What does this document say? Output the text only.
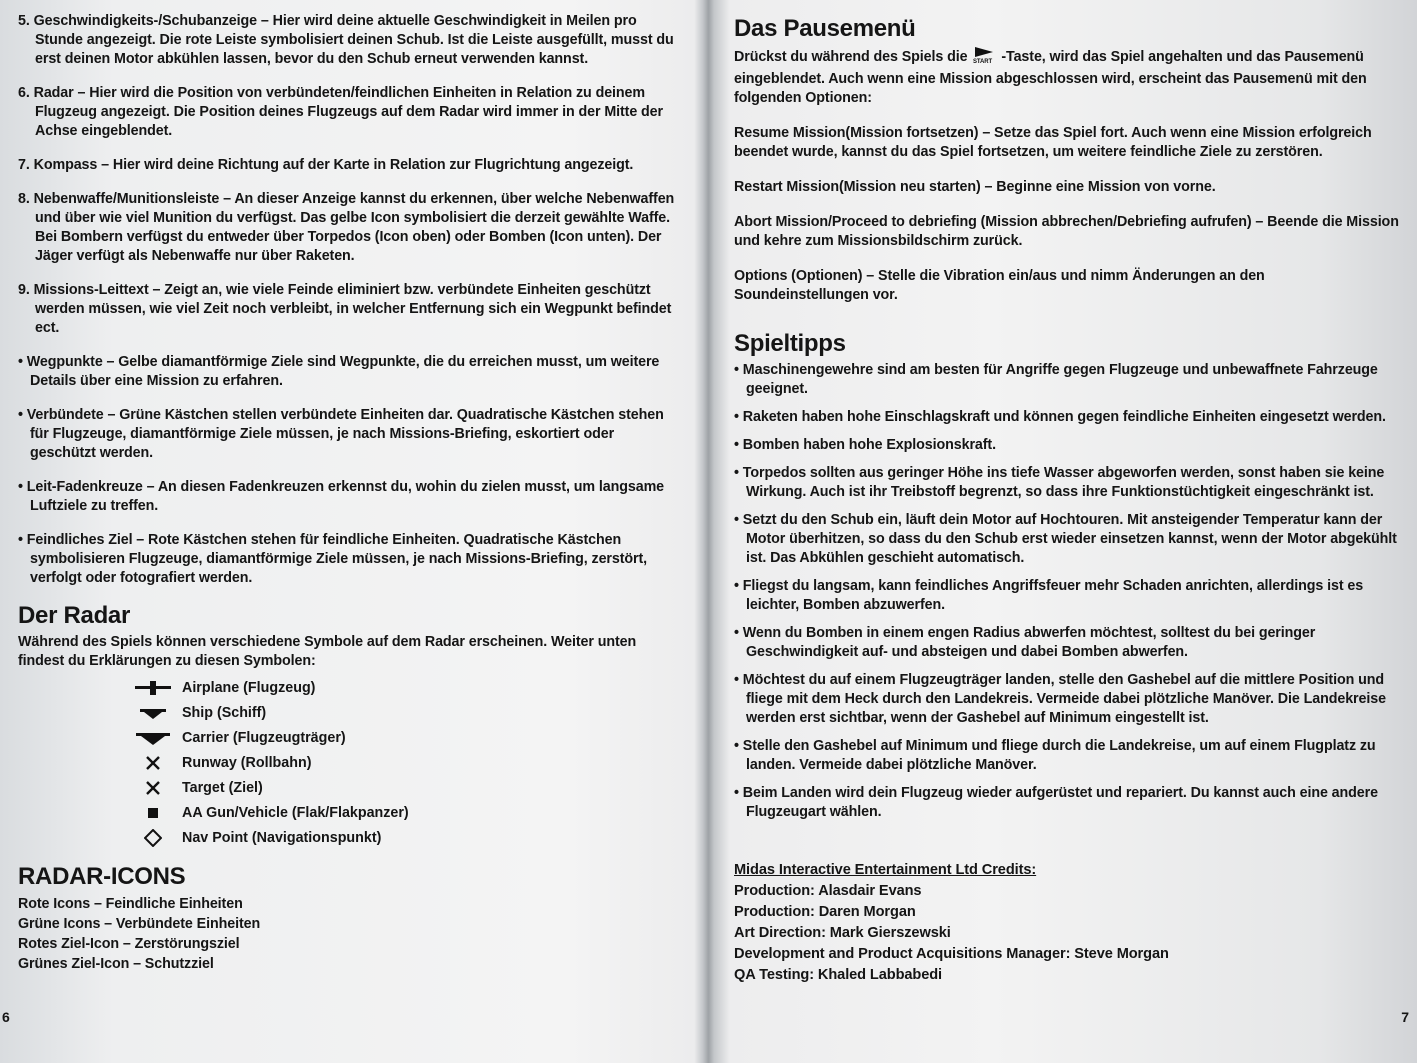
5. Geschwindigkeits-/Schubanzeige – Hier wird deine aktuelle Geschwindigkeit in Meilen pro Stunde angezeigt. Die rote Leiste symbolisiert deinen Schub. Ist die Leiste ausgefüllt, musst du erst deinen Motor abkühlen lassen, bevor du den Schub erneut verwenden kannst.

6. Radar – Hier wird die Position von verbündeten/feindlichen Einheiten in Relation zu deinem Flugzeug angezeigt. Die Position deines Flugzeugs auf dem Radar wird immer in der Mitte der Achse eingeblendet.

7. Kompass – Hier wird deine Richtung auf der Karte in Relation zur Flugrichtung angezeigt.

8. Nebenwaffe/Munitionsleiste – An dieser Anzeige kannst du erkennen, über welche Nebenwaffen und über wie viel Munition du verfügst. Das gelbe Icon symbolisiert die derzeit gewählte Waffe. Bei Bombern verfügst du entweder über Torpedos (Icon oben) oder Bomben (Icon unten). Der Jäger verfügt als Nebenwaffe nur über Raketen.

9. Missions-Leittext – Zeigt an, wie viele Feinde eliminiert bzw. verbündete Einheiten geschützt werden müssen, wie viel Zeit noch verbleibt, in welcher Entfernung sich ein Wegpunkt befindet ect.

• Wegpunkte – Gelbe diamantförmige Ziele sind Wegpunkte, die du erreichen musst, um weitere Details über eine Mission zu erfahren.

• Verbündete – Grüne Kästchen stellen verbündete Einheiten dar. Quadratische Kästchen stehen für Flugzeuge, diamantförmige Ziele müssen, je nach Missions-Briefing, eskortiert oder geschützt werden.

• Leit-Fadenkreuze – An diesen Fadenkreuzen erkennst du, wohin du zielen musst, um langsame Luftziele zu treffen.

• Feindliches Ziel – Rote Kästchen stehen für feindliche Einheiten. Quadratische Kästchen symbolisieren Flugzeuge, diamantförmige Ziele müssen, je nach Missions-Briefing, zerstört, verfolgt oder fotografiert werden.

Der Radar

Während des Spiels können verschiedene Symbole auf dem Radar erscheinen. Weiter unten findest du Erklärungen zu diesen Symbolen:

Airplane (Flugzeug)
Ship (Schiff)
Carrier (Flugzeugträger)
Runway (Rollbahn)
Target (Ziel)
AA Gun/Vehicle (Flak/Flakpanzer)
Nav Point (Navigationspunkt)
RADAR-ICONS

Rote Icons – Feindliche Einheiten

Grüne Icons – Verbündete Einheiten

Rotes Ziel-Icon – Zerstörungsziel

Grünes Ziel-Icon – Schutzziel

6
Das Pausemenü

Drückst du während des Spiels die START -Taste, wird das Spiel angehalten und das Pausemenü eingeblendet. Auch wenn eine Mission abgeschlossen wird, erscheint das Pausemenü mit den folgenden Optionen:

Resume Mission(Mission fortsetzen) – Setze das Spiel fort. Auch wenn eine Mission erfolgreich beendet wurde, kannst du das Spiel fortsetzen, um weitere feindliche Ziele zu zerstören.

Restart Mission(Mission neu starten) – Beginne eine Mission von vorne.

Abort Mission/Proceed to debriefing (Mission abbrechen/Debriefing aufrufen) – Beende die Mission und kehre zum Missionsbildschirm zurück.

Options (Optionen) – Stelle die Vibration ein/aus und nimm Änderungen an den Soundeinstellungen vor.

Spieltipps

• Maschinengewehre sind am besten für Angriffe gegen Flugzeuge und unbewaffnete Fahrzeuge geeignet.

• Raketen haben hohe Einschlagskraft und können gegen feindliche Einheiten eingesetzt werden.

• Bomben haben hohe Explosionskraft.

• Torpedos sollten aus geringer Höhe ins tiefe Wasser abgeworfen werden, sonst haben sie keine Wirkung. Auch ist ihr Treibstoff begrenzt, so dass ihre Funktionstüchtigkeit eingeschränkt ist.

• Setzt du den Schub ein, läuft dein Motor auf Hochtouren. Mit ansteigender Temperatur kann der Motor überhitzen, so dass du den Schub erst wieder einsetzen kannst, wenn der Motor abgekühlt ist. Das Abkühlen geschieht automatisch.

• Fliegst du langsam, kann feindliches Angriffsfeuer mehr Schaden anrichten, allerdings ist es leichter, Bomben abzuwerfen.

• Wenn du Bomben in einem engen Radius abwerfen möchtest, solltest du bei geringer Geschwindigkeit auf- und absteigen und dabei Bomben abwerfen.

• Möchtest du auf einem Flugzeugträger landen, stelle den Gashebel auf die mittlere Position und fliege mit dem Heck durch den Landekreis. Vermeide dabei plötzliche Manöver. Die Landekreise werden erst sichtbar, wenn der Gashebel auf Minimum eingestellt ist.

• Stelle den Gashebel auf Minimum und fliege durch die Landekreise, um auf einem Flugplatz zu landen. Vermeide dabei plötzliche Manöver.

• Beim Landen wird dein Flugzeug wieder aufgerüstet und repariert. Du kannst auch eine andere Flugzeugart wählen.

Midas Interactive Entertainment Ltd Credits:

Production: Alasdair Evans

Production: Daren Morgan

Art Direction: Mark Gierszewski

Development and Product Acquisitions Manager: Steve Morgan

QA Testing: Khaled Labbabedi

7
